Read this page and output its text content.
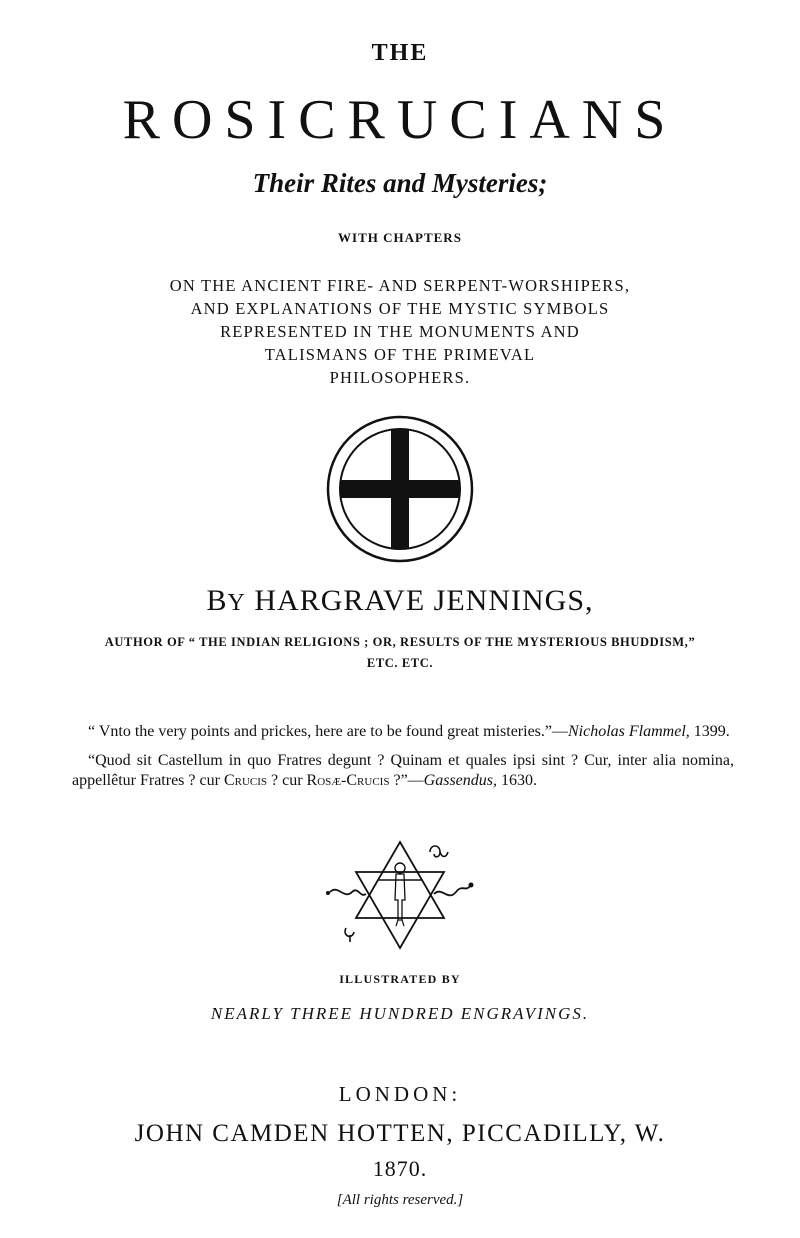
THE
ROSICRUCIANS
Their Rites and Mysteries;
WITH CHAPTERS
ON THE ANCIENT FIRE- AND SERPENT-WORSHIPERS,
AND EXPLANATIONS OF THE MYSTIC SYMBOLS
REPRESENTED IN THE MONUMENTS AND
TALISMANS OF THE PRIMEVAL
PHILOSOPHERS.
BY HARGRAVE JENNINGS,
AUTHOR OF “ THE INDIAN RELIGIONS ; OR, RESULTS OF THE MYSTERIOUS BHUDDISM,”
ETC. ETC.

“ Vnto the very points and prickes, here are to be found great misteries.”—Nicholas Flammel, 1399.

“Quod sit Castellum in quo Fratres degunt ? Quinam et quales ipsi sint ? Cur, inter alia nomina, appellêtur Fratres ? cur Crucis ? cur Rosæ-Crucis ?”—Gassendus, 1630.

ILLUSTRATED BY
NEARLY THREE HUNDRED ENGRAVINGS.
LONDON:
JOHN CAMDEN HOTTEN, PICCADILLY, W.
1870.
[All rights reserved.]
